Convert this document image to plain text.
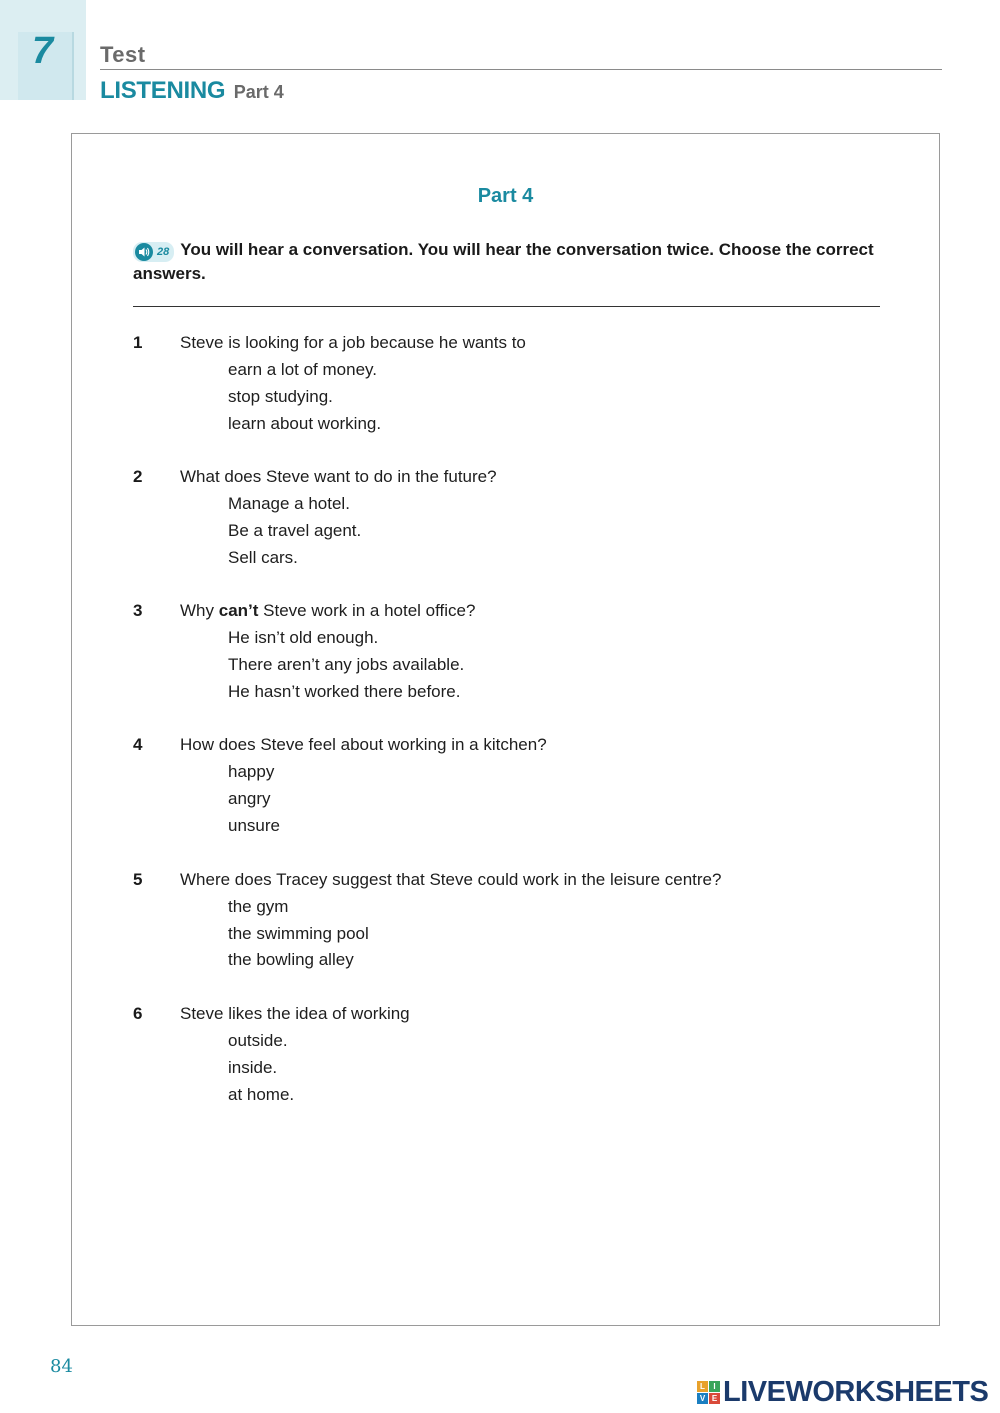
7 Test
LISTENING Part 4
Part 4
28 You will hear a conversation. You will hear the conversation twice. Choose the correct answers.
1 Steve is looking for a job because he wants to
earn a lot of money.
stop studying.
learn about working.
2 What does Steve want to do in the future?
Manage a hotel.
Be a travel agent.
Sell cars.
3 Why can’t Steve work in a hotel office?
He isn’t old enough.
There aren’t any jobs available.
He hasn’t worked there before.
4 How does Steve feel about working in a kitchen?
happy
angry
unsure
5 Where does Tracey suggest that Steve could work in the leisure centre?
the gym
the swimming pool
the bowling alley
6 Steve likes the idea of working
outside.
inside.
at home.
84
L	I
V E LIVEWORKSHEETS
